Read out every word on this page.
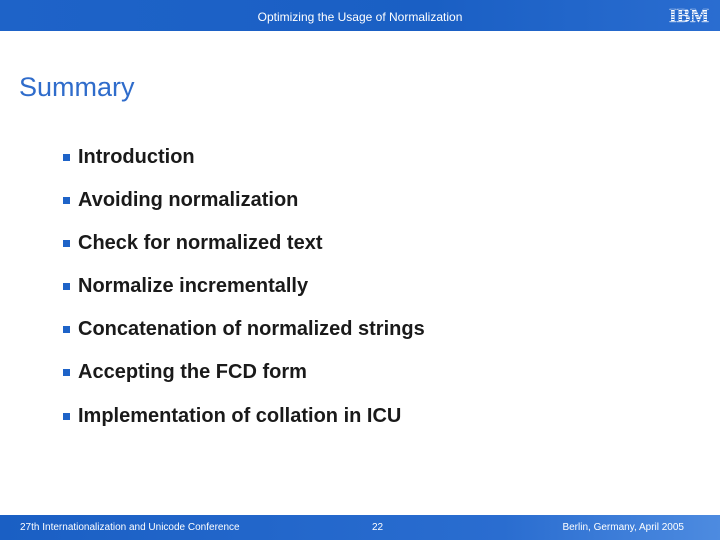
Optimizing the Usage of Normalization	IBM
Summary
Introduction
Avoiding normalization
Check for normalized text
Normalize incrementally
Concatenation of normalized strings
Accepting the FCD form
Implementation of collation in ICU
27th Internationalization and Unicode Conference	22	Berlin, Germany, April 2005
